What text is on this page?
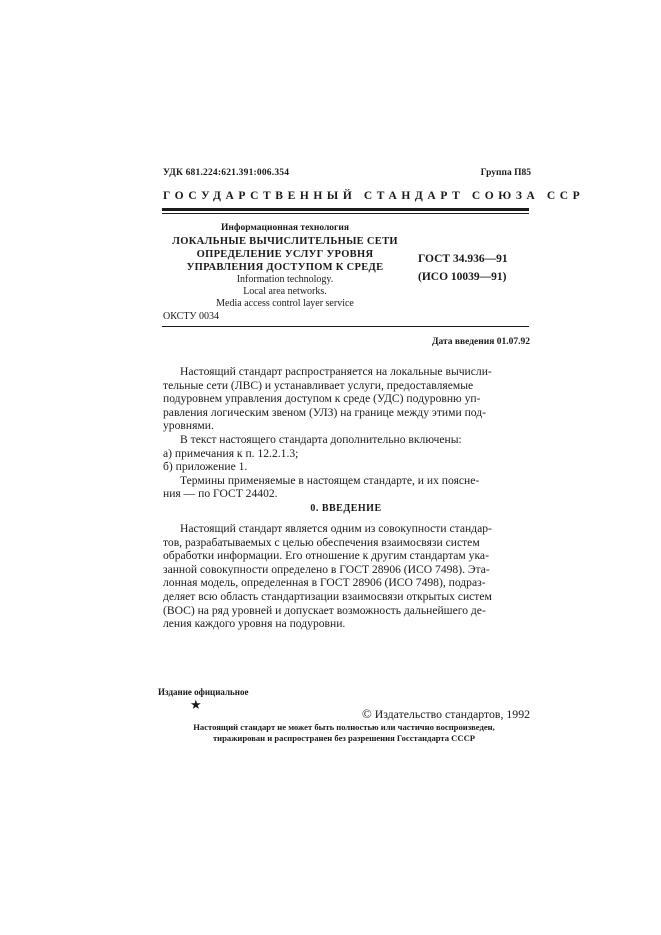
УДК 681.224:621.391:006.354	Группа П85
ГОСУДАРСТВЕННЫЙ СТАНДАРТ СОЮЗА ССР
Информационная технология
ЛОКАЛЬНЫЕ ВЫЧИСЛИТЕЛЬНЫЕ СЕТИ
ОПРЕДЕЛЕНИЕ УСЛУГ УРОВНЯ
УПРАВЛЕНИЯ ДОСТУПОМ К СРЕДЕ
Information technology.
Local area networks.
Media access control layer service
ГОСТ 34.936—91
(ИСО 10039—91)
ОКСТУ 0034
Дата введения 01.07.92

Настоящий стандарт распространяется на локальные вычисли-
тельные сети (ЛВС) и устанавливает услуги, предоставляемые
подуровнем управления доступом к среде (УДС) подуровню уп-
равления логическим звеном (УЛЗ) на границе между этими под-
уровнями.

В текст настоящего стандарта дополнительно включены:

а) примечания к п. 12.2.1.3;

б) приложение 1.

Термины применяемые в настоящем стандарте, и их поясне-
ния — по ГОСТ 24402.

0. ВВЕДЕНИЕ

Настоящий стандарт является одним из совокупности стандар-
тов, разрабатываемых с целью обеспечения взаимосвязи систем
обработки информации. Его отношение к другим стандартам ука-
занной совокупности определено в ГОСТ 28906 (ИСО 7498). Эта-
лонная модель, определенная в ГОСТ 28906 (ИСО 7498), подраз-
деляет всю область стандартизации взаимосвязи открытых систем
(ВОС) на ряд уровней и допускает возможность дальнейшего де-
ления каждого уровня на подуровни.

Издание официальное
★
© Издательство стандартов, 1992
Настоящий стандарт не может быть полностью или частично воспроизведен,
тиражирован и распространен без разрешения Госстандарта СССР
